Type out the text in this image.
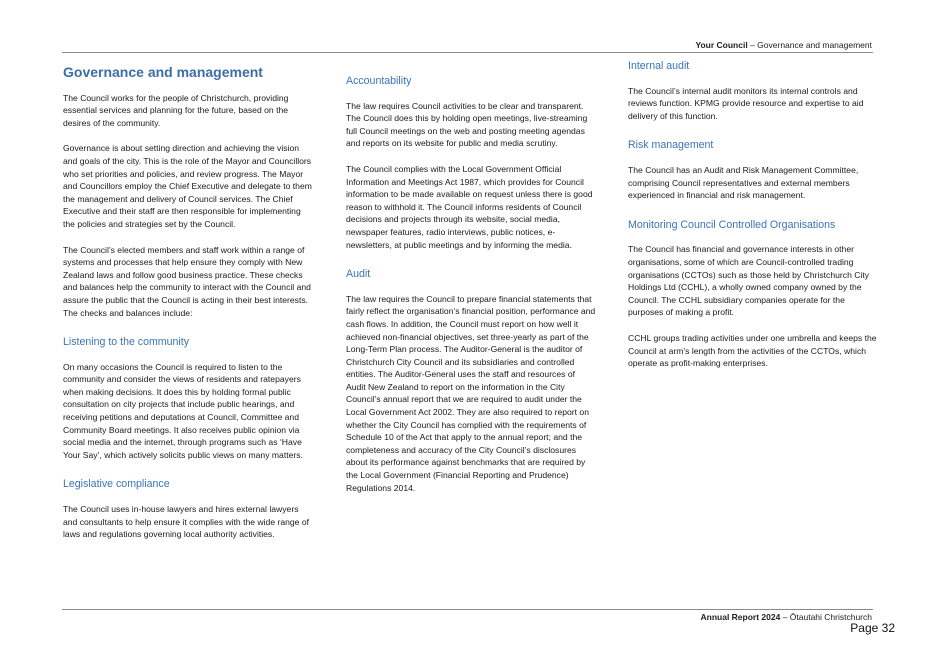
Your Council – Governance and management
Governance and management

The Council works for the people of Christchurch, providing essential services and planning for the future, based on the desires of the community.

Governance is about setting direction and achieving the vision and goals of the city. This is the role of the Mayor and Councillors who set priorities and policies, and review progress. The Mayor and Councillors employ the Chief Executive and delegate to them the management and delivery of Council services. The Chief Executive and their staff are then responsible for implementing the policies and strategies set by the Council.

The Council’s elected members and staff work within a range of systems and processes that help ensure they comply with New Zealand laws and follow good business practice. These checks and balances help the community to interact with the Council and assure the public that the Council is acting in their best interests. The checks and balances include:

Listening to the community

On many occasions the Council is required to listen to the community and consider the views of residents and ratepayers when making decisions. It does this by holding formal public consultation on city projects that include public hearings, and receiving petitions and deputations at Council, Committee and Community Board meetings. It also receives public opinion via social media and the internet, through programs such as ‘Have Your Say’, which actively solicits public views on many matters.

Legislative compliance

The Council uses in-house lawyers and hires external lawyers and consultants to help ensure it complies with the wide range of laws and regulations governing local authority activities.

Accountability

The law requires Council activities to be clear and transparent. The Council does this by holding open meetings, live-streaming full Council meetings on the web and posting meeting agendas and reports on its website for public and media scrutiny.

The Council complies with the Local Government Official Information and Meetings Act 1987, which provides for Council information to be made available on request unless there is good reason to withhold it. The Council informs residents of Council decisions and projects through its website, social media, newspaper features, radio interviews, public notices, e-newsletters, at public meetings and by informing the media.

Audit

The law requires the Council to prepare financial statements that fairly reflect the organisation’s financial position, performance and cash flows. In addition, the Council must report on how well it achieved non-financial objectives, set three-yearly as part of the Long-Term Plan process. The Auditor-General is the auditor of Christchurch City Council and its subsidiaries and controlled entities. The Auditor-General uses the staff and resources of Audit New Zealand to report on the information in the City Council’s annual report that we are required to audit under the Local Government Act 2002. They are also required to report on whether the City Council has complied with the requirements of Schedule 10 of the Act that apply to the annual report; and the completeness and accuracy of the City Council’s disclosures about its performance against benchmarks that are required by the Local Government (Financial Reporting and Prudence) Regulations 2014.

Internal audit

The Council’s internal audit monitors its internal controls and reviews function. KPMG provide resource and expertise to aid delivery of this function.

Risk management

The Council has an Audit and Risk Management Committee, comprising Council representatives and external members experienced in financial and risk management.

Monitoring Council Controlled Organisations

The Council has financial and governance interests in other organisations, some of which are Council-controlled trading organisations (CCTOs) such as those held by Christchurch City Holdings Ltd (CCHL), a wholly owned company owned by the Council. The CCHL subsidiary companies operate for the purposes of making a profit.

CCHL groups trading activities under one umbrella and keeps the Council at arm’s length from the activities of the CCTOs, which operate as profit-making enterprises.

Annual Report 2024 – Ōtautahi Christchurch
Page 32
